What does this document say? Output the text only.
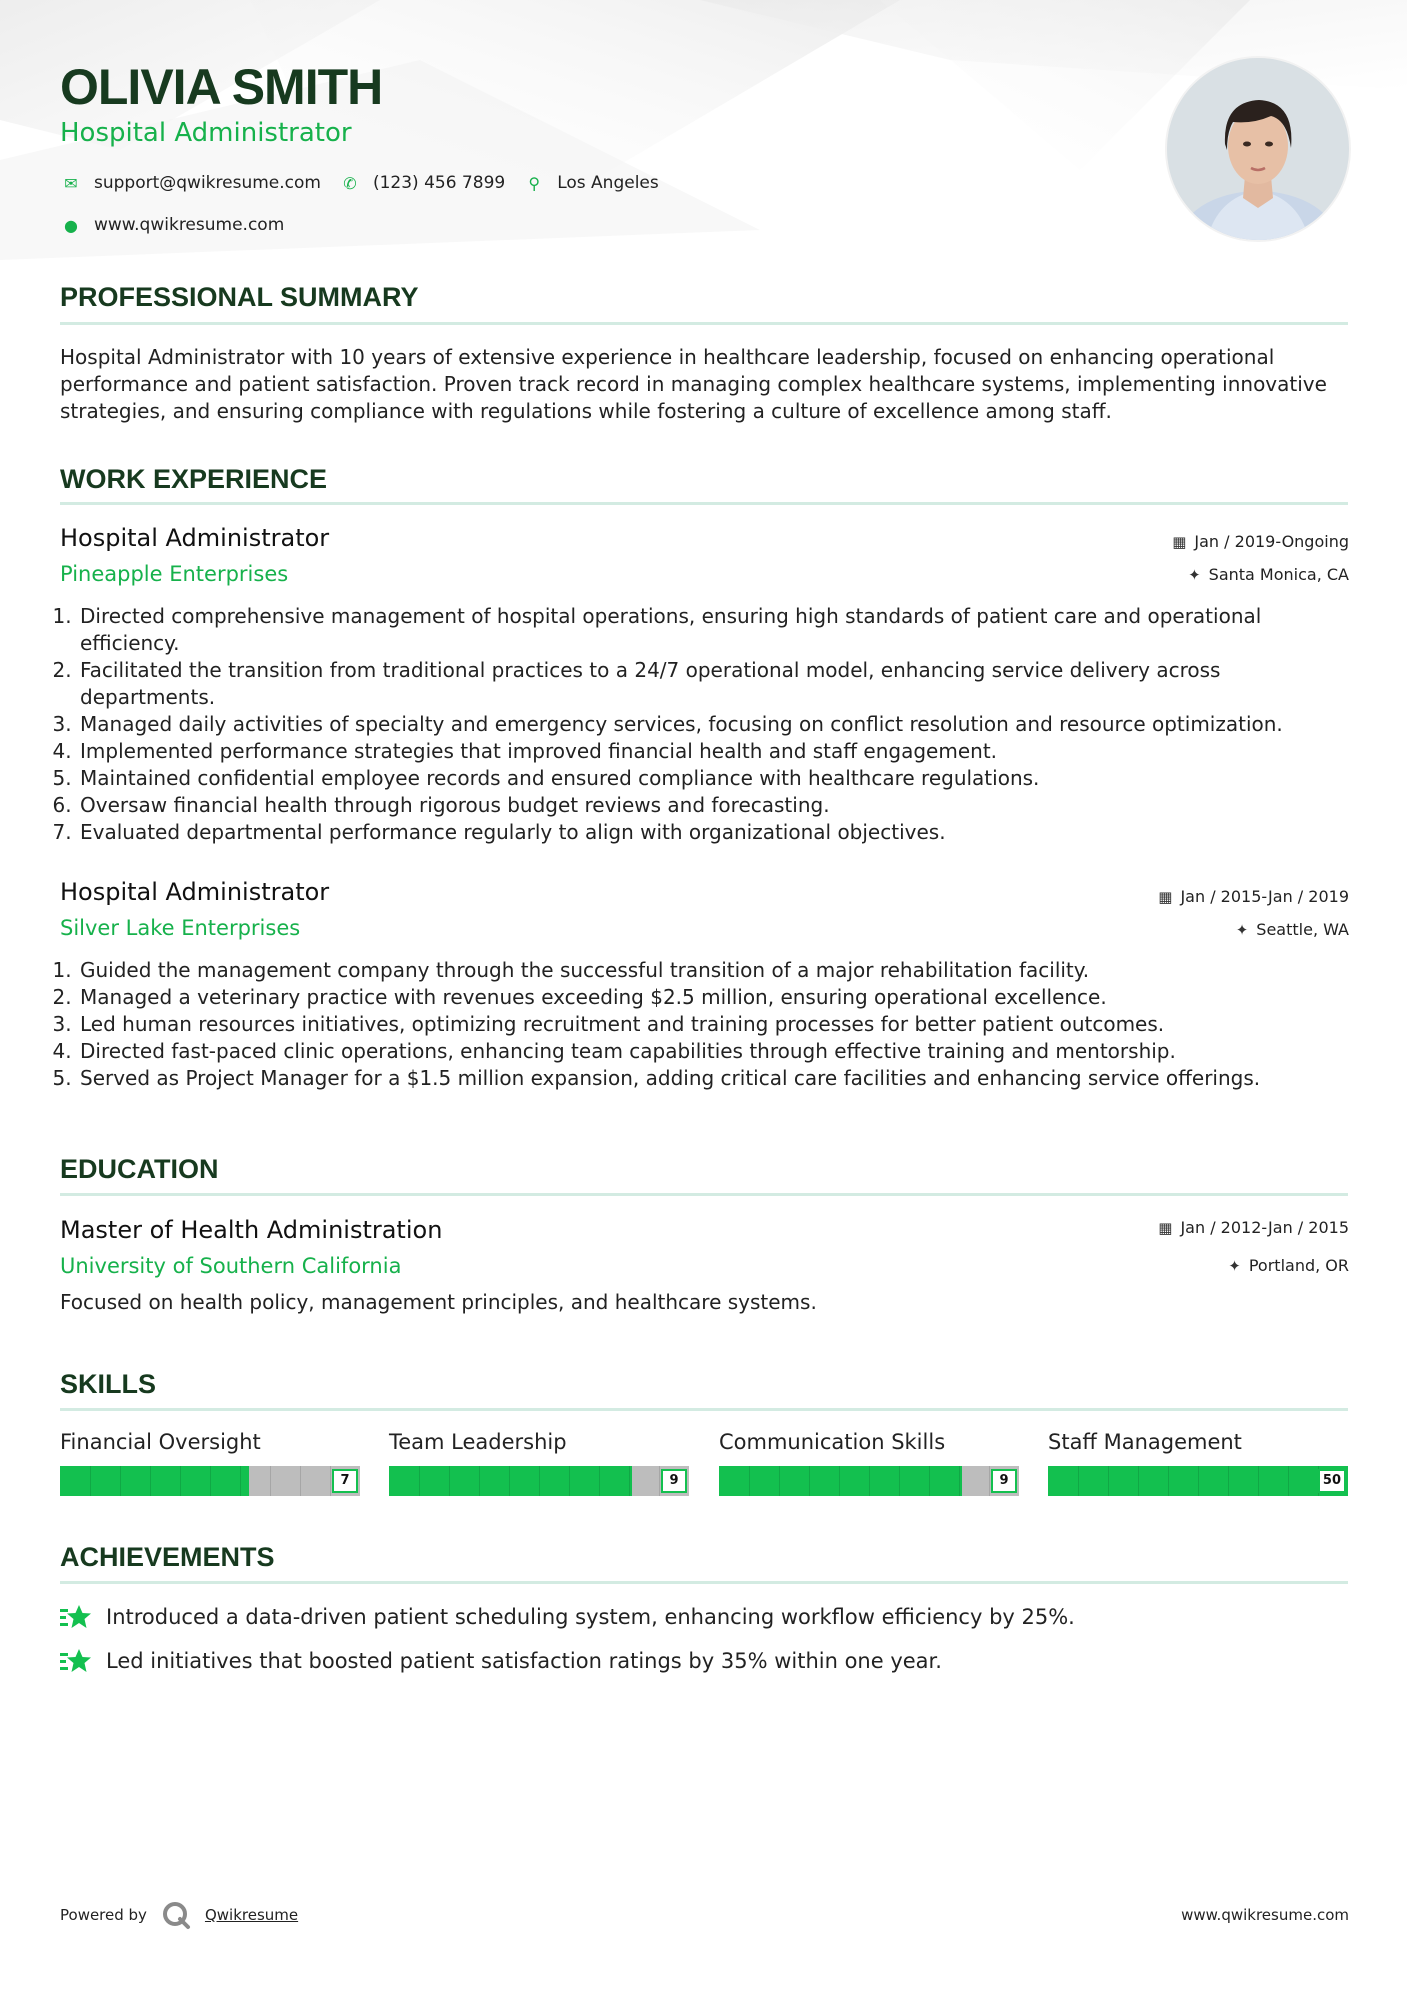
OLIVIA SMITH
Hospital Administrator
✉ support@qwikresume.com ✆ (123) 456 7899	⚲	Los Angeles
● www.qwikresume.com
PROFESSIONAL SUMMARY
Hospital Administrator with 10 years of extensive experience in healthcare leadership, focused on enhancing operational performance and patient satisfaction. Proven track record in managing complex healthcare systems, implementing innovative strategies, and ensuring compliance with regulations while fostering a culture of excellence among staff.
WORK EXPERIENCE
Hospital Administrator
Pineapple Enterprises
▦ Jan / 2019-Ongoing
✦ Santa Monica, CA
1. Directed comprehensive management of hospital operations, ensuring high standards of patient care and operational efficiency.
2. Facilitated the transition from traditional practices to a 24/7 operational model, enhancing service delivery across departments.
3. Managed daily activities of specialty and emergency services, focusing on conflict resolution and resource optimization.
4. Implemented performance strategies that improved financial health and staff engagement.
5. Maintained confidential employee records and ensured compliance with healthcare regulations.
6. Oversaw financial health through rigorous budget reviews and forecasting.
7. Evaluated departmental performance regularly to align with organizational objectives.
Hospital Administrator
Silver Lake Enterprises
▦ Jan / 2015-Jan / 2019
✦ Seattle, WA
1. Guided the management company through the successful transition of a major rehabilitation facility.
2. Managed a veterinary practice with revenues exceeding $2.5 million, ensuring operational excellence.
3. Led human resources initiatives, optimizing recruitment and training processes for better patient outcomes.
4. Directed fast-paced clinic operations, enhancing team capabilities through effective training and mentorship.
5. Served as Project Manager for a $1.5 million expansion, adding critical care facilities and enhancing service offerings.
EDUCATION
Master of Health Administration
University of Southern California
▦ Jan / 2012-Jan / 2015
✦ Portland, OR
Focused on health policy, management principles, and healthcare systems.
SKILLS
Financial Oversight
7
Team Leadership
9
Communication Skills
9
Staff Management
50
ACHIEVEMENTS
Introduced a data-driven patient scheduling system, enhancing workflow efficiency by 25%.
Led initiatives that boosted patient satisfaction ratings by 35% within one year.
Powered by	Qwikresume	www.qwikresume.com
